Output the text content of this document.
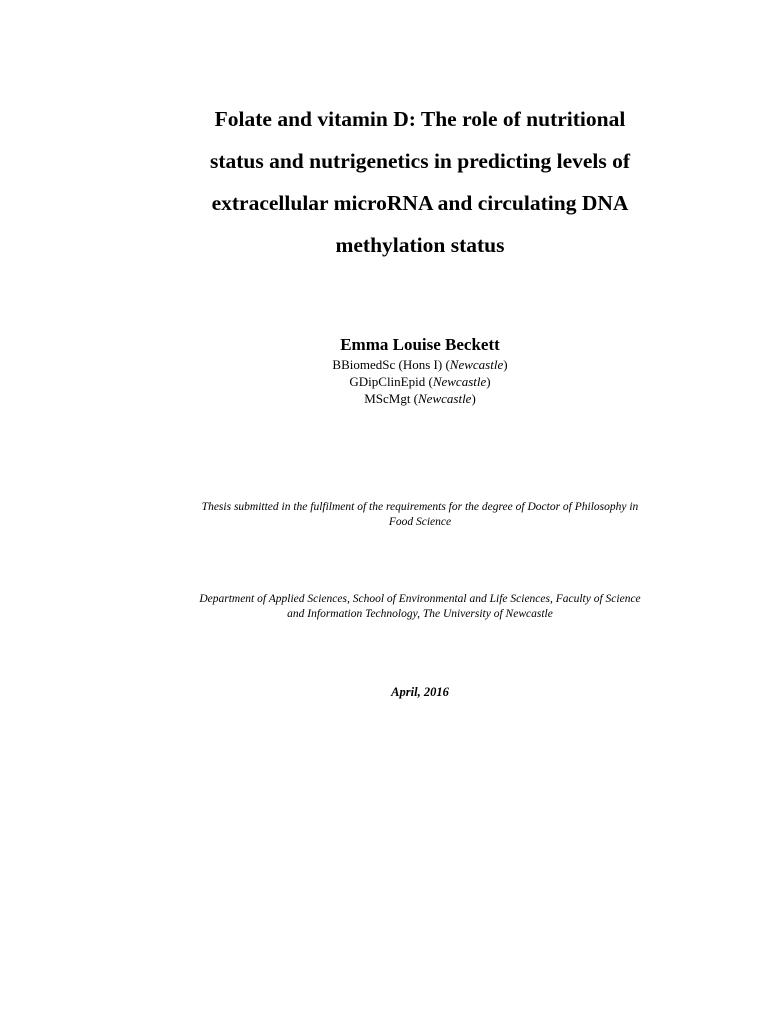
Folate and vitamin D: The role of nutritional
status and nutrigenetics in predicting levels of
extracellular microRNA and circulating DNA
methylation status

Emma Louise Beckett

BBiomedSc (Hons I) (Newcastle)
GDipClinEpid (Newcastle)
MScMgt (Newcastle)

Thesis submitted in the fulfilment of the requirements for the degree of Doctor of Philosophy in
Food Science

Department of Applied Sciences, School of Environmental and Life Sciences, Faculty of Science
and Information Technology, The University of Newcastle

April, 2016
